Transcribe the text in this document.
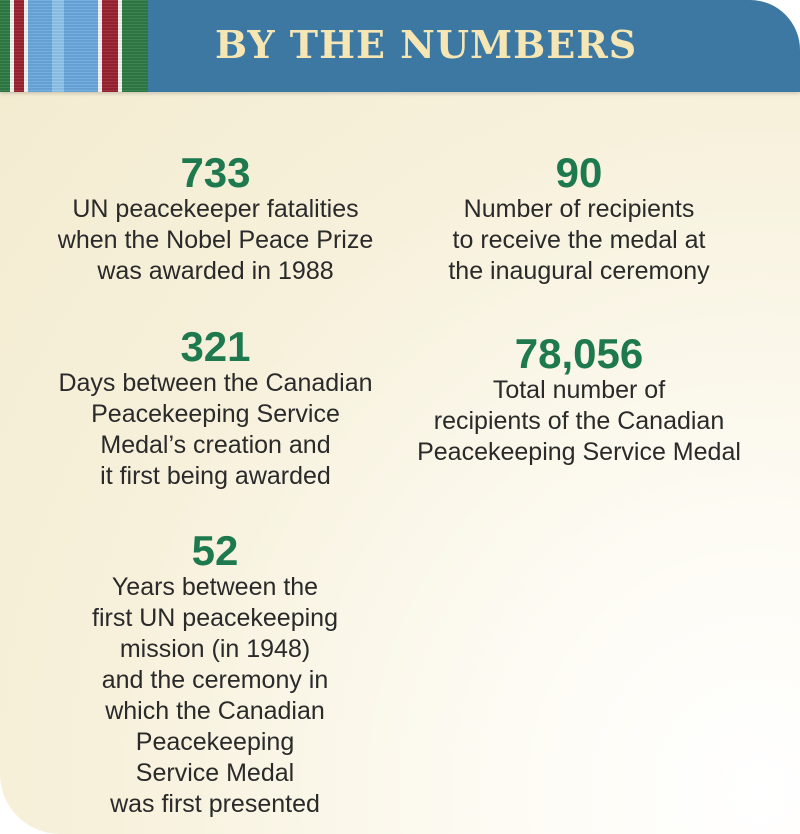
BY THE NUMBERS
733
UN peacekeeper fatalities
when the Nobel Peace Prize
was awarded in 1988
90
Number of recipients
to receive the medal at
the inaugural ceremony
321
Days between the Canadian
Peacekeeping Service
Medal’s creation and
it first being awarded
78,056
Total number of
recipients of the Canadian
Peacekeeping Service Medal
52
Years between the
first UN peacekeeping
mission (in 1948)
and the ceremony in
which the Canadian
Peacekeeping
Service Medal
was first presented
